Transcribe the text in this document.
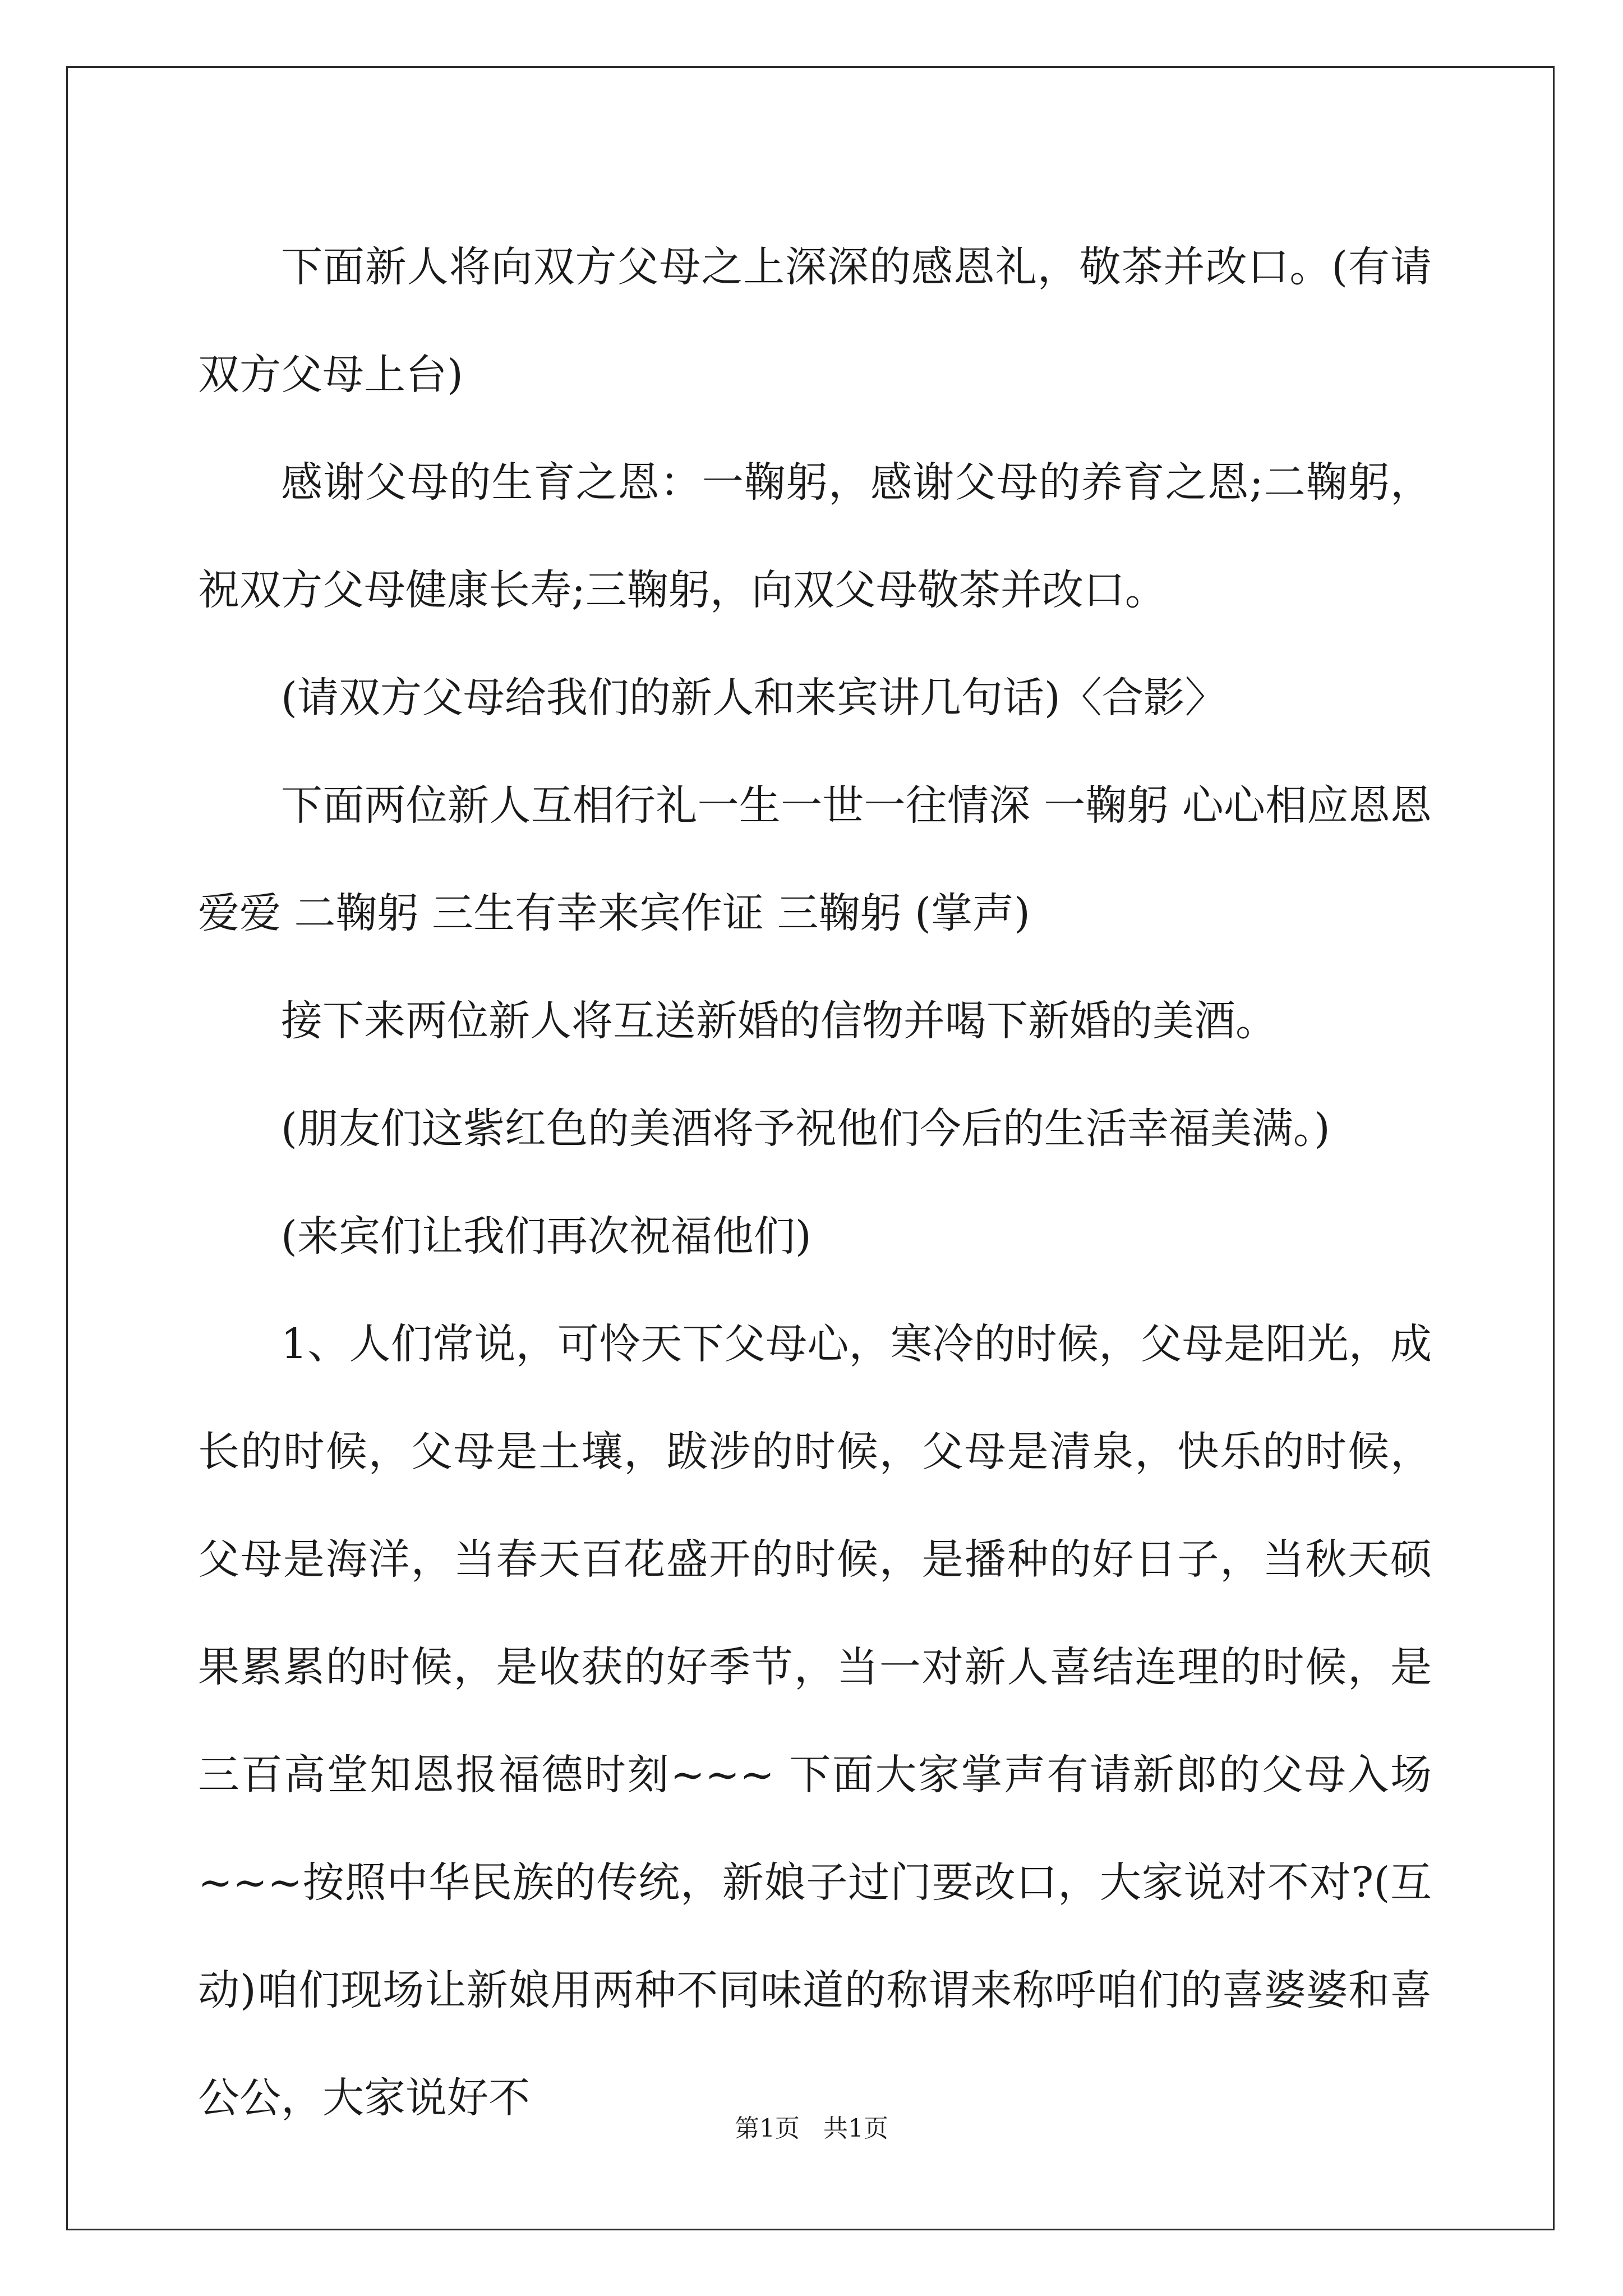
下面新人将向双方父母之上深深的感恩礼，敬茶并改口。(有请双方父母上台)

感谢父母的生育之恩：一鞠躬，感谢父母的养育之恩;二鞠躬，祝双方父母健康长寿;三鞠躬，向双父母敬茶并改口。

(请双方父母给我们的新人和来宾讲几句话)〈合影〉

下面两位新人互相行礼一生一世一往情深 一鞠躬 心心相应恩恩爱爱 二鞠躬 三生有幸来宾作证 三鞠躬 (掌声)

接下来两位新人将互送新婚的信物并喝下新婚的美酒。

(朋友们这紫红色的美酒将予祝他们今后的生活幸福美满。)

(来宾们让我们再次祝福他们)

1、人们常说，可怜天下父母心，寒冷的时候，父母是阳光，成长的时候，父母是土壤，跋涉的时候，父母是清泉，快乐的时候，父母是海洋，当春天百花盛开的时候，是播种的好日子，当秋天硕果累累的时候，是收获的好季节，当一对新人喜结连理的时候，是三百高堂知恩报福德时刻~~~ 下面大家掌声有请新郎的父母入场~~~按照中华民族的传统，新娘子过门要改口，大家说对不对?(互动)咱们现场让新娘用两种不同味道的称谓来称呼咱们的喜婆婆和喜公公，大家说好不

第1页   共1页
